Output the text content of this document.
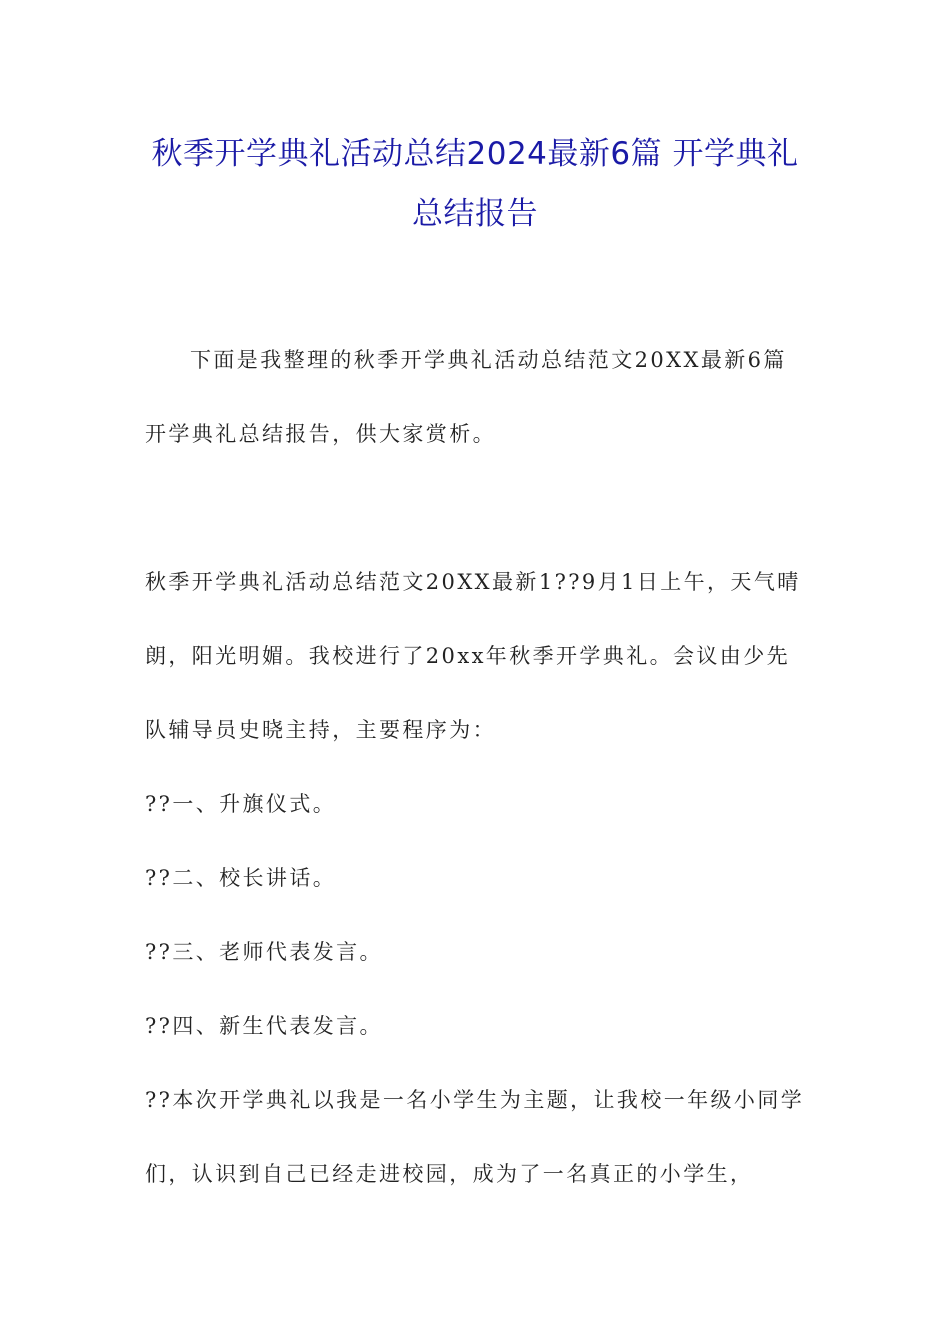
秋季开学典礼活动总结2024最新6篇 开学典礼总结报告

下面是我整理的秋季开学典礼活动总结范文20XX最新6篇开学典礼总结报告，供大家赏析。

秋季开学典礼活动总结范文20XX最新1??9月1日上午，天气晴朗，阳光明媚。我校进行了20xx年秋季开学典礼。会议由少先队辅导员史晓主持，主要程序为：

??一、升旗仪式。

??二、校长讲话。

??三、老师代表发言。

??四、新生代表发言。

??本次开学典礼以我是一名小学生为主题，让我校一年级小同学们，认识到自己已经走进校园，成为了一名真正的小学生，
